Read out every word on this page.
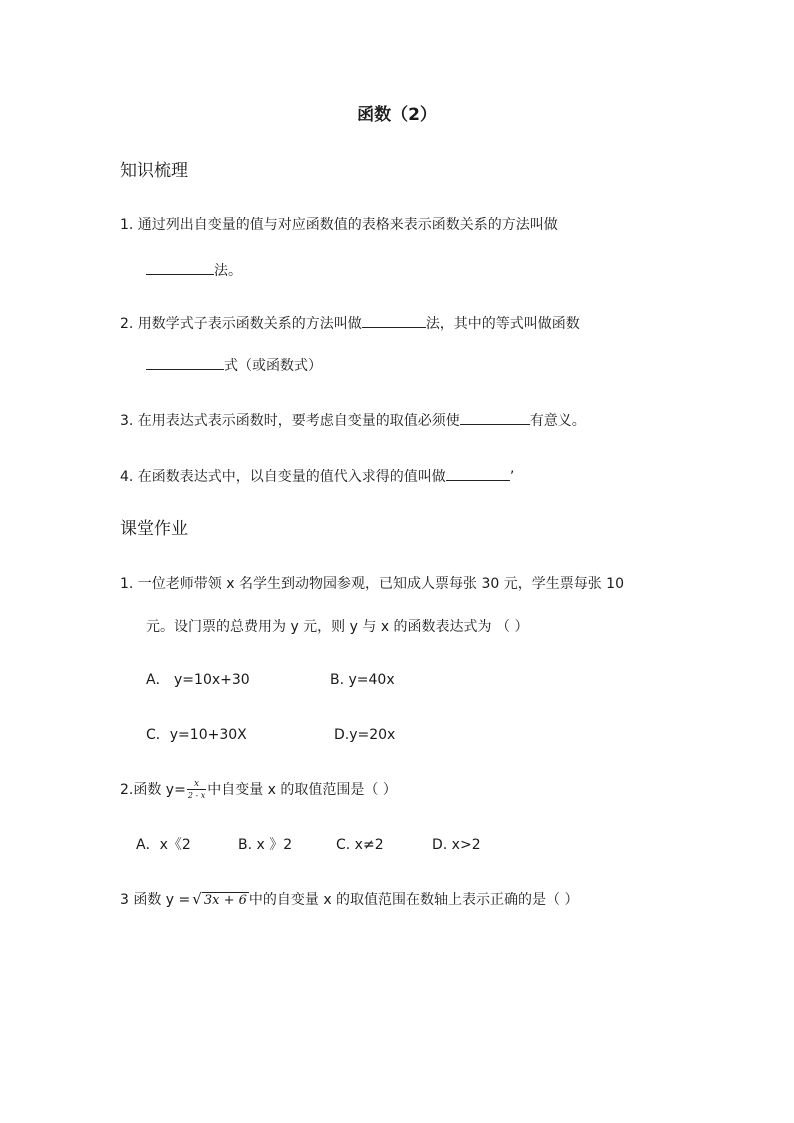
函数（2）
知识梳理
1. 通过列出自变量的值与对应函数值的表格来表示函数关系的方法叫做
法。
2. 用数学式子表示函数关系的方法叫做	法，其中的等式叫做函数
式（或函数式）
3. 在用表达式表示函数时，要考虑自变量的取值必须使	有意义。
4. 在函数表达式中，以自变量的值代入求得的值叫做	’
课堂作业
1. 一位老师带领 x 名学生到动物园参观，已知成人票每张 30 元，学生票每张 10
元。设门票的总费用为 y 元，则 y 与 x 的函数表达式为 （ ）
A． y=10x+30	B. y=40x
C．y=10+30X	D.y=20x
2.函数 $y= \frac{x}{2 - x}$ 中自变量 x 的取值范围是（ ）
A．x《2	B. x 》2	C. x≠2	D. x>2
3 函数 y = √ 3x + 6 中的自变量 x 的取值范围在数轴上表示正确的是（ ）
